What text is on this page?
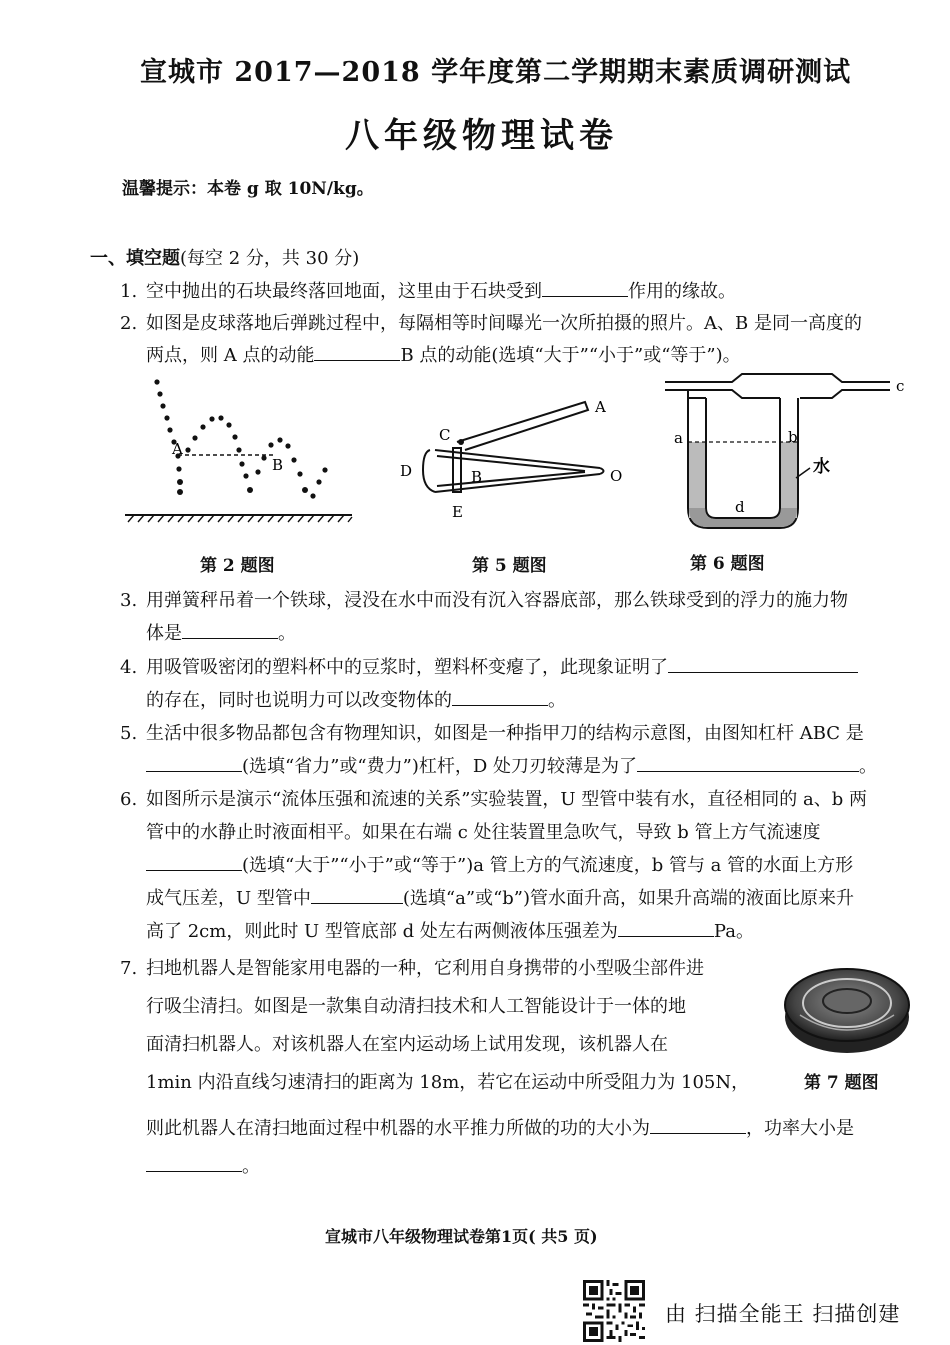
宣城市 2017—2018 学年度第二学期期末素质调研测试
八年级物理试卷
温馨提示：本卷 g 取 10N/kg。
一、填空题(每空 2 分，共 30 分)
1. 空中抛出的石块最终落回地面，这里由于石块受到	作用的缘故。
2. 如图是皮球落地后弹跳过程中，每隔相等时间曝光一次所拍摄的照片。A、B 是同一高度的
两点，则 A 点的动能	B 点的动能(选填“大于”“小于”或“等于”)。
A
B
A
B
C
D
E
O
a	b
c
d
水
第 2 题图	第 5 题图	第 6 题图
3. 用弹簧秤吊着一个铁球，浸没在水中而没有沉入容器底部，那么铁球受到的浮力的施力物
体是	。
4. 用吸管吸密闭的塑料杯中的豆浆时，塑料杯变瘪了，此现象证明了
的存在，同时也说明力可以改变物体的	。
5. 生活中很多物品都包含有物理知识，如图是一种指甲刀的结构示意图，由图知杠杆 ABC 是
(选填“省力”或“费力”)杠杆，D 处刀刃较薄是为了	。
6. 如图所示是演示“流体压强和流速的关系”实验装置，U 型管中装有水，直径相同的 a、b 两
管中的水静止时液面相平。如果在右端 c 处往装置里急吹气，导致 b 管上方气流速度
(选填“大于”“小于”或“等于”)a 管上方的气流速度，b 管与 a 管的水面上方形
成气压差，U 型管中	(选填“a”或“b”)管水面升高，如果升高端的液面比原来升
高了 2cm，则此时 U 型管底部 d 处左右两侧液体压强差为	Pa。
7. 扫地机器人是智能家用电器的一种，它利用自身携带的小型吸尘部件进
行吸尘清扫。如图是一款集自动清扫技术和人工智能设计于一体的地
面清扫机器人。对该机器人在室内运动场上试用发现，该机器人在
1min 内沿直线匀速清扫的距离为 18m，若它在运动中所受阻力为 105N，
则此机器人在清扫地面过程中机器的水平推力所做的功的大小为	，功率大小是
。
第 7 题图
宣城市八年级物理试卷第1页( 共5 页)
由 扫描全能王 扫描创建
